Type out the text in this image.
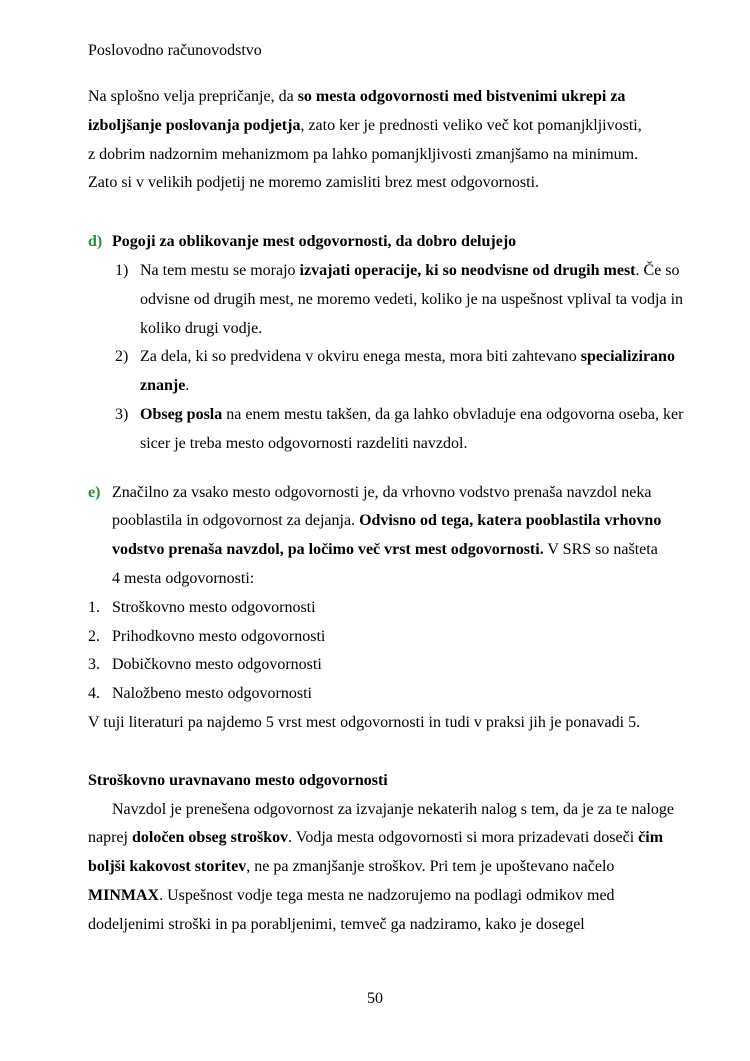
Poslovodno računovodstvo

Na splošno velja prepričanje, da so mesta odgovornosti med bistvenimi ukrepi za izboljšanje poslovanja podjetja, zato ker je prednosti veliko več kot pomanjkljivosti, z dobrim nadzornim mehanizmom pa lahko pomanjkljivosti zmanjšamo na minimum.

Zato si v velikih podjetij ne moremo zamisliti brez mest odgovornosti.

d) Pogoji za oblikovanje mest odgovornosti, da dobro delujejo
1) Na tem mestu se morajo izvajati operacije, ki so neodvisne od drugih mest. Če so odvisne od drugih mest, ne moremo vedeti, koliko je na uspešnost vplival ta vodja in koliko drugi vodje.
2) Za dela, ki so predvidena v okviru enega mesta, mora biti zahtevano specializirano znanje.
3) Obseg posla na enem mestu takšen, da ga lahko obvladuje ena odgovorna oseba, ker sicer je treba mesto odgovornosti razdeliti navzdol.
e) Značilno za vsako mesto odgovornosti je, da vrhovno vodstvo prenaša navzdol neka pooblastila in odgovornost za dejanja. Odvisno od tega, katera pooblastila vrhovno vodstvo prenaša navzdol, pa ločimo več vrst mest odgovornosti. V SRS so našteta 4 mesta odgovornosti:
1. Stroškovno mesto odgovornosti
2. Prihodkovno mesto odgovornosti
3. Dobičkovno mesto odgovornosti
4. Naložbeno mesto odgovornosti

V tuji literaturi pa najdemo 5 vrst mest odgovornosti in tudi v praksi jih je ponavadi 5.

Stroškovno uravnavano mesto odgovornosti

Navzdol je prenešena odgovornost za izvajanje nekaterih nalog s tem, da je za te naloge naprej določen obseg stroškov. Vodja mesta odgovornosti si mora prizadevati doseči čim boljši kakovost storitev, ne pa zmanjšanje stroškov. Pri tem je upoštevano načelo MINMAX. Uspešnost vodje tega mesta ne nadzorujemo na podlagi odmikov med dodeljenimi stroški in pa porabljenimi, temveč ga nadziramo, kako je dosegel

50
